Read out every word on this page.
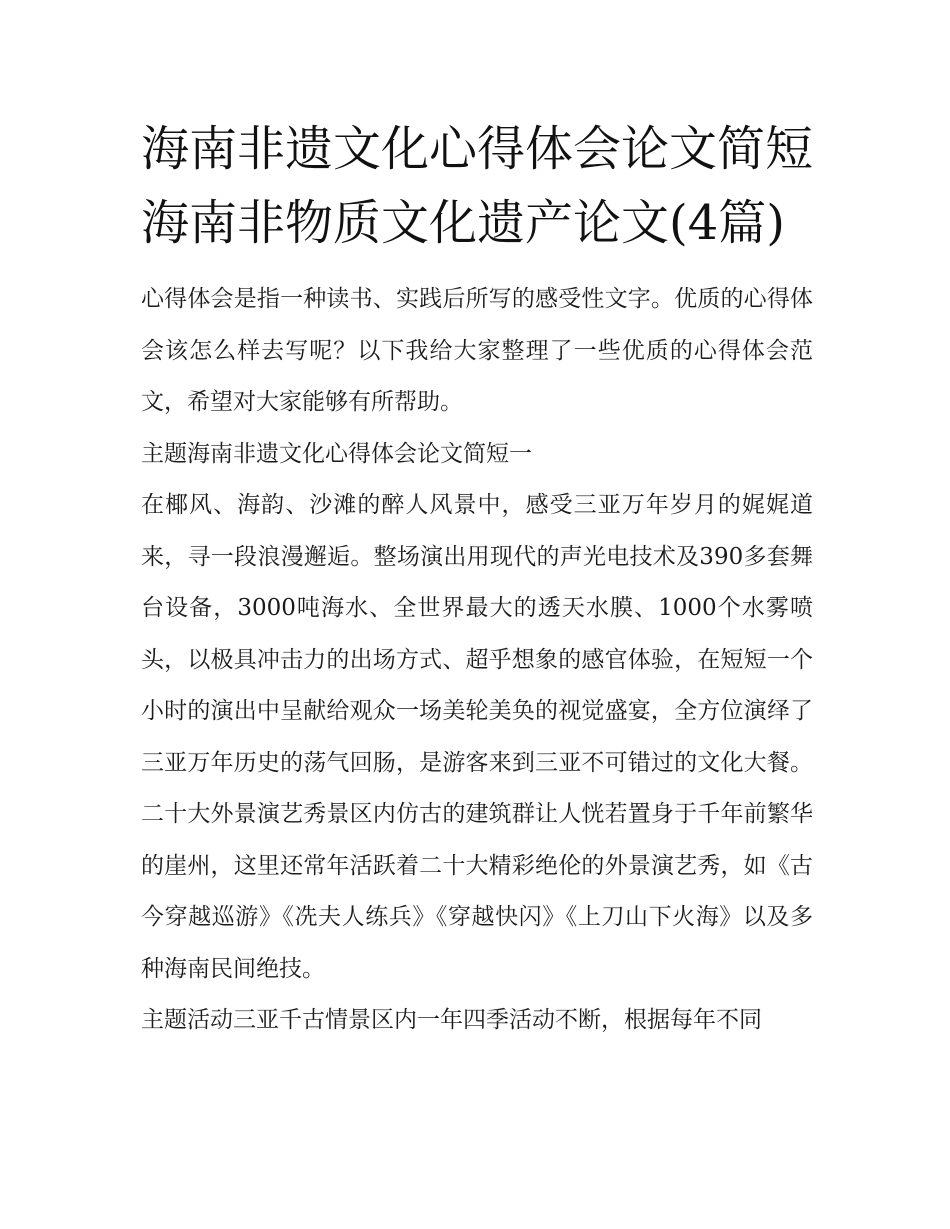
海南非遗文化心得体会论文简短 海南非物质文化遗产论文(4篇)

心得体会是指一种读书、实践后所写的感受性文字。优质的心得体会该怎么样去写呢？以下我给大家整理了一些优质的心得体会范文，希望对大家能够有所帮助。

主题海南非遗文化心得体会论文简短一

在椰风、海韵、沙滩的醉人风景中，感受三亚万年岁月的娓娓道来，寻一段浪漫邂逅。整场演出用现代的声光电技术及390多套舞台设备，3000吨海水、全世界最大的透天水膜、1000个水雾喷头，以极具冲击力的出场方式、超乎想象的感官体验，在短短一个小时的演出中呈献给观众一场美轮美奂的视觉盛宴，全方位演绎了三亚万年历史的荡气回肠，是游客来到三亚不可错过的文化大餐。二十大外景演艺秀景区内仿古的建筑群让人恍若置身于千年前繁华的崖州，这里还常年活跃着二十大精彩绝伦的外景演艺秀，如《古今穿越巡游》《冼夫人练兵》《穿越快闪》《上刀山下火海》以及多种海南民间绝技。

主题活动三亚千古情景区内一年四季活动不断，根据每年不同
